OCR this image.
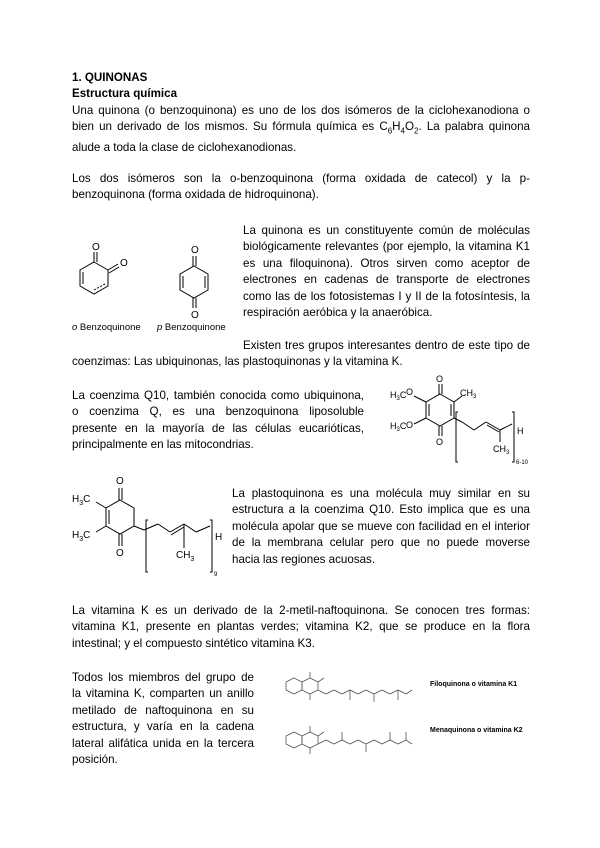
1. QUINONAS
Estructura química
Una quinona (o benzoquinona) es uno de los dos isómeros de la ciclohexanodiona o bien un derivado de los mismos. Su fórmula química es $C_6H_4O_2$. La palabra quinona alude a toda la clase de ciclohexanodionas.
Los dos isómeros son la o-benzoquinona (forma oxidada de catecol) y la p-benzoquinona (forma oxidada de hidroquinona).
O
O
O
O
o Benzoquinone p Benzoquinone
La quinona es un constituyente común de moléculas biológicamente relevantes (por ejemplo, la vitamina K1 es una filoquinona). Otros sirven como aceptor de electrones en cadenas de transporte de electrones como las de los fotosistemas I y II de la fotosíntesis, la respiración aeróbica y la anaeróbica.
Existen tres grupos interesantes dentro de este tipo de coenzimas: Las ubiquinonas, las plastoquinonas y la vitamina K.
La coenzima Q10, también conocida como ubiquinona, o coenzima Q, es una benzoquinona liposoluble presente en la mayoría de las células eucarióticas, principalmente en las mitocondrias.
$H_3C$
$H_3C$
O
O
O
O
$CH_3$
$CH_3$
H
6-10
O
O
$H_3C$
$H_3C$
$CH_3$
H
9
La plastoquinona es una molécula muy similar en su estructura a la coenzima Q10. Esto implica que es una molécula apolar que se mueve con facilidad en el interior de la membrana celular pero que no puede moverse hacia las regiones acuosas.
La vitamina K es un derivado de la 2-metil-naftoquinona. Se conocen tres formas: vitamina K1, presente en plantas verdes; vitamina K2, que se produce en la flora intestinal; y el compuesto sintético vitamina K3.
Todos los miembros del grupo de la vitamina K, comparten un anillo metilado de naftoquinona en su estructura, y varía en la cadena lateral alifática unida en la tercera posición.
Filoquinona o vitamina K1
Menaquinona o vitamina K2
